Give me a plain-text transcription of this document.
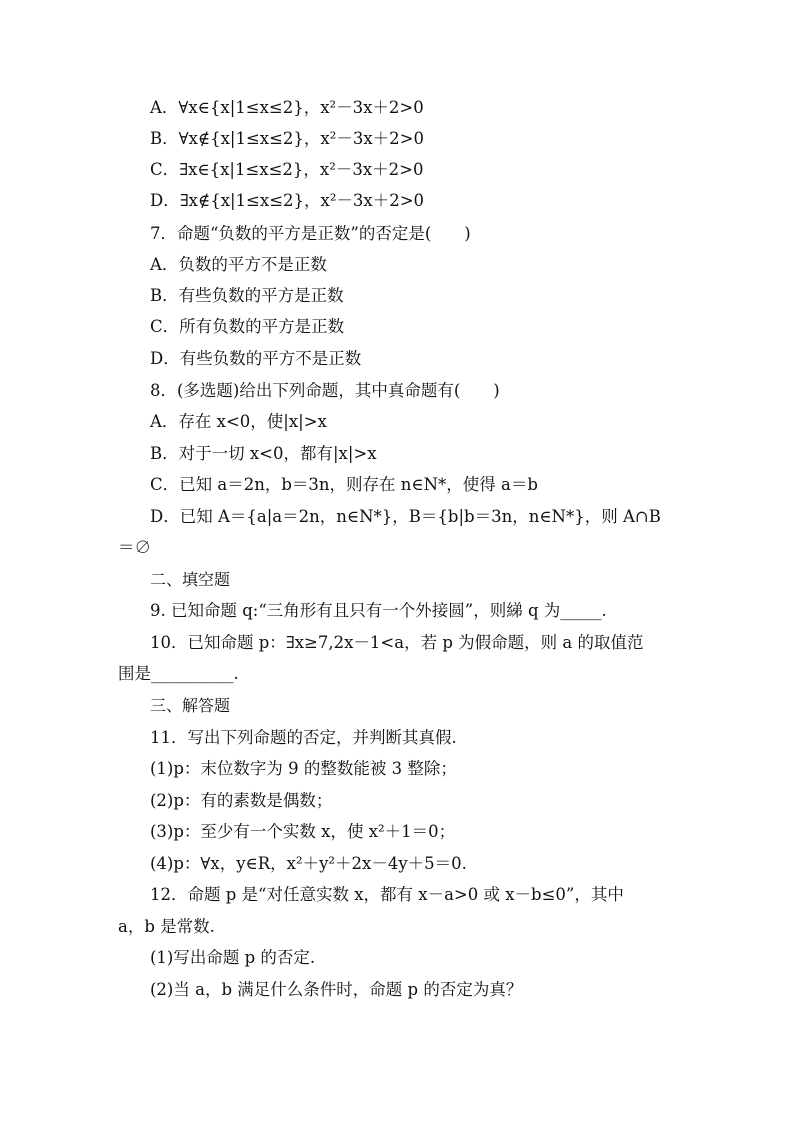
A．∀x∈{x|1≤x≤2}，x²－3x＋2>0
B．∀x∉{x|1≤x≤2}，x²－3x＋2>0
C．∃x∈{x|1≤x≤2}，x²－3x＋2>0
D．∃x∉{x|1≤x≤2}，x²－3x＋2>0
7．命题“负数的平方是正数”的否定是(　　)
A．负数的平方不是正数
B．有些负数的平方是正数
C．所有负数的平方是正数
D．有些负数的平方不是正数
8．(多选题)给出下列命题，其中真命题有(　　)
A．存在 x<0，使|x|>x
B．对于一切 x<0，都有|x|>x
C．已知 a＝2n，b＝3n，则存在 n∈N*，使得 a＝b
D．已知 A＝{a|a＝2n，n∈N*}，B＝{b|b＝3n，n∈N*}，则 A∩B
＝∅
二、填空题
9. 已知命题 q:“三角形有且只有一个外接圆”，则綈 q 为_____.
10．已知命题 p：∃x≥7,2x－1<a，若 p 为假命题，则 a 的取值范
围是__________.
三、解答题
11．写出下列命题的否定，并判断其真假.
(1)p：末位数字为 9 的整数能被 3 整除；
(2)p：有的素数是偶数；
(3)p：至少有一个实数 x，使 x²＋1＝0；
(4)p：∀x，y∈R，x²＋y²＋2x－4y＋5＝0.
12．命题 p 是“对任意实数 x，都有 x－a>0 或 x－b≤0”，其中
a，b 是常数.
(1)写出命题 p 的否定.
(2)当 a，b 满足什么条件时，命题 p 的否定为真？
